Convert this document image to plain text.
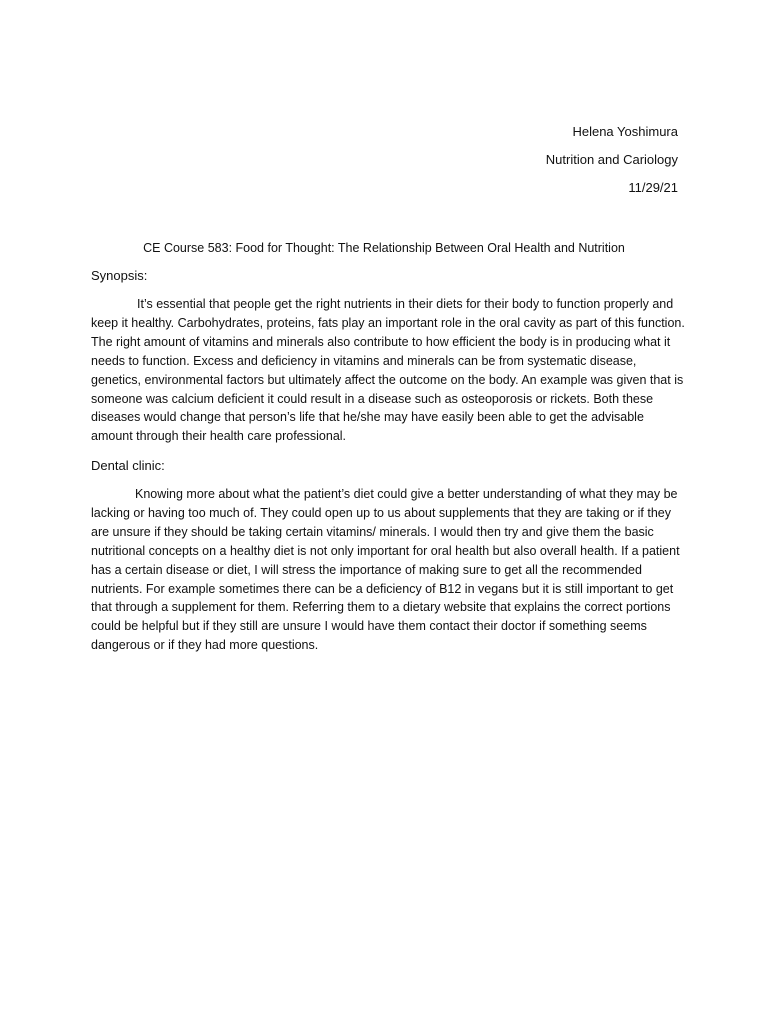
Helena Yoshimura
Nutrition and Cariology
11/29/21
CE Course 583: Food for Thought: The Relationship Between Oral Health and Nutrition
Synopsis:

It’s essential that people get the right nutrients in their diets for their body to function properly and keep it healthy. Carbohydrates, proteins, fats play an important role in the oral cavity as part of this function. The right amount of vitamins and minerals also contribute to how efficient the body is in producing what it needs to function. Excess and deficiency in vitamins and minerals can be from systematic disease, genetics, environmental factors but ultimately affect the outcome on the body. An example was given that is someone was calcium deficient it could result in a disease such as osteoporosis or rickets. Both these diseases would change that person’s life that he/she may have easily been able to get the advisable amount through their health care professional.

Dental clinic:

Knowing more about what the patient’s diet could give a better understanding of what they may be lacking or having too much of. They could open up to us about supplements that they are taking or if they are unsure if they should be taking certain vitamins/ minerals. I would then try and give them the basic nutritional concepts on a healthy diet is not only important for oral health but also overall health. If a patient has a certain disease or diet, I will stress the importance of making sure to get all the recommended nutrients. For example sometimes there can be a deficiency of B12 in vegans but it is still important to get that through a supplement for them. Referring them to a dietary website that explains the correct portions could be helpful but if they still are unsure I would have them contact their doctor if something seems dangerous or if they had more questions.
